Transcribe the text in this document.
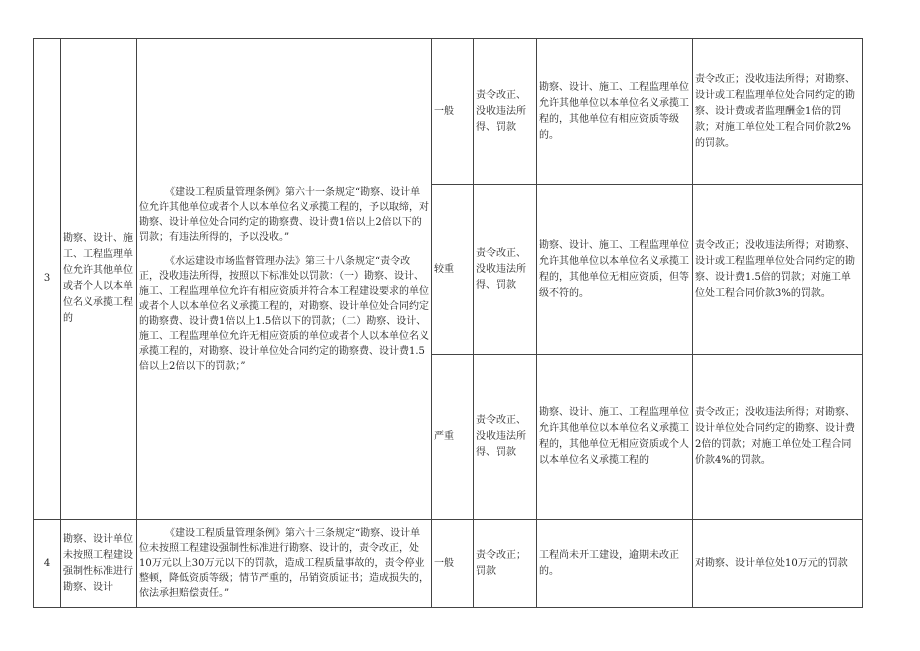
3	勘察、设计、施工、工程监理单位允许其他单位或者个人以本单位名义承揽工程的	《建设工程质量管理条例》第六十一条规定“勘察、设计单位允许其他单位或者个人以本单位名义承揽工程的，予以取缔，对勘察、设计单位处合同约定的勘察费、设计费1倍以上2倍以下的罚款；有违法所得的，予以没收。”

《水运建设市场监督管理办法》第三十八条规定“责令改正，没收违法所得，按照以下标准处以罚款：（一）勘察、设计、施工、工程监理单位允许有相应资质并符合本工程建设要求的单位或者个人以本单位名义承揽工程的，对勘察、设计单位处合同约定的勘察费、设计费1倍以上1.5倍以下的罚款；（二）勘察、设计、施工、工程监理单位允许无相应资质的单位或者个人以本单位名义承揽工程的，对勘察、设计单位处合同约定的勘察费、设计费1.5倍以上2倍以下的罚款；”	一般	责令改正、没收违法所得、罚款	勘察、设计、施工、工程监理单位允许其他单位以本单位名义承揽工程的，其他单位有相应资质等级的。	责令改正；没收违法所得；对勘察、设计或工程监理单位处合同约定的勘察、设计费或者监理酬金1倍的罚款；对施工单位处工程合同价款2%的罚款。
			较重	责令改正、没收违法所得、罚款	勘察、设计、施工、工程监理单位允许其他单位以本单位名义承揽工程的，其他单位无相应资质，但等级不符的。	责令改正；没收违法所得；对勘察、设计或工程监理单位处合同约定的勘察、设计费1.5倍的罚款；对施工单位处工程合同价款3%的罚款。
			严重	责令改正、没收违法所得、罚款	勘察、设计、施工、工程监理单位允许其他单位以本单位名义承揽工程的，其他单位无相应资质或个人以本单位名义承揽工程的	责令改正；没收违法所得；对勘察、设计单位处合同约定的勘察、设计费2倍的罚款；对施工单位处工程合同价款4%的罚款。
4	勘察、设计单位未按照工程建设强制性标准进行勘察、设计	《建设工程质量管理条例》第六十三条规定“勘察、设计单位未按照工程建设强制性标准进行勘察、设计的，责令改正，处10万元以上30万元以下的罚款，造成工程质量事故的，责令停业整顿，降低资质等级；情节严重的，吊销资质证书；造成损失的，依法承担赔偿责任。”	一般	责令改正；罚款	工程尚未开工建设，逾期未改正的。	对勘察、设计单位处10万元的罚款
